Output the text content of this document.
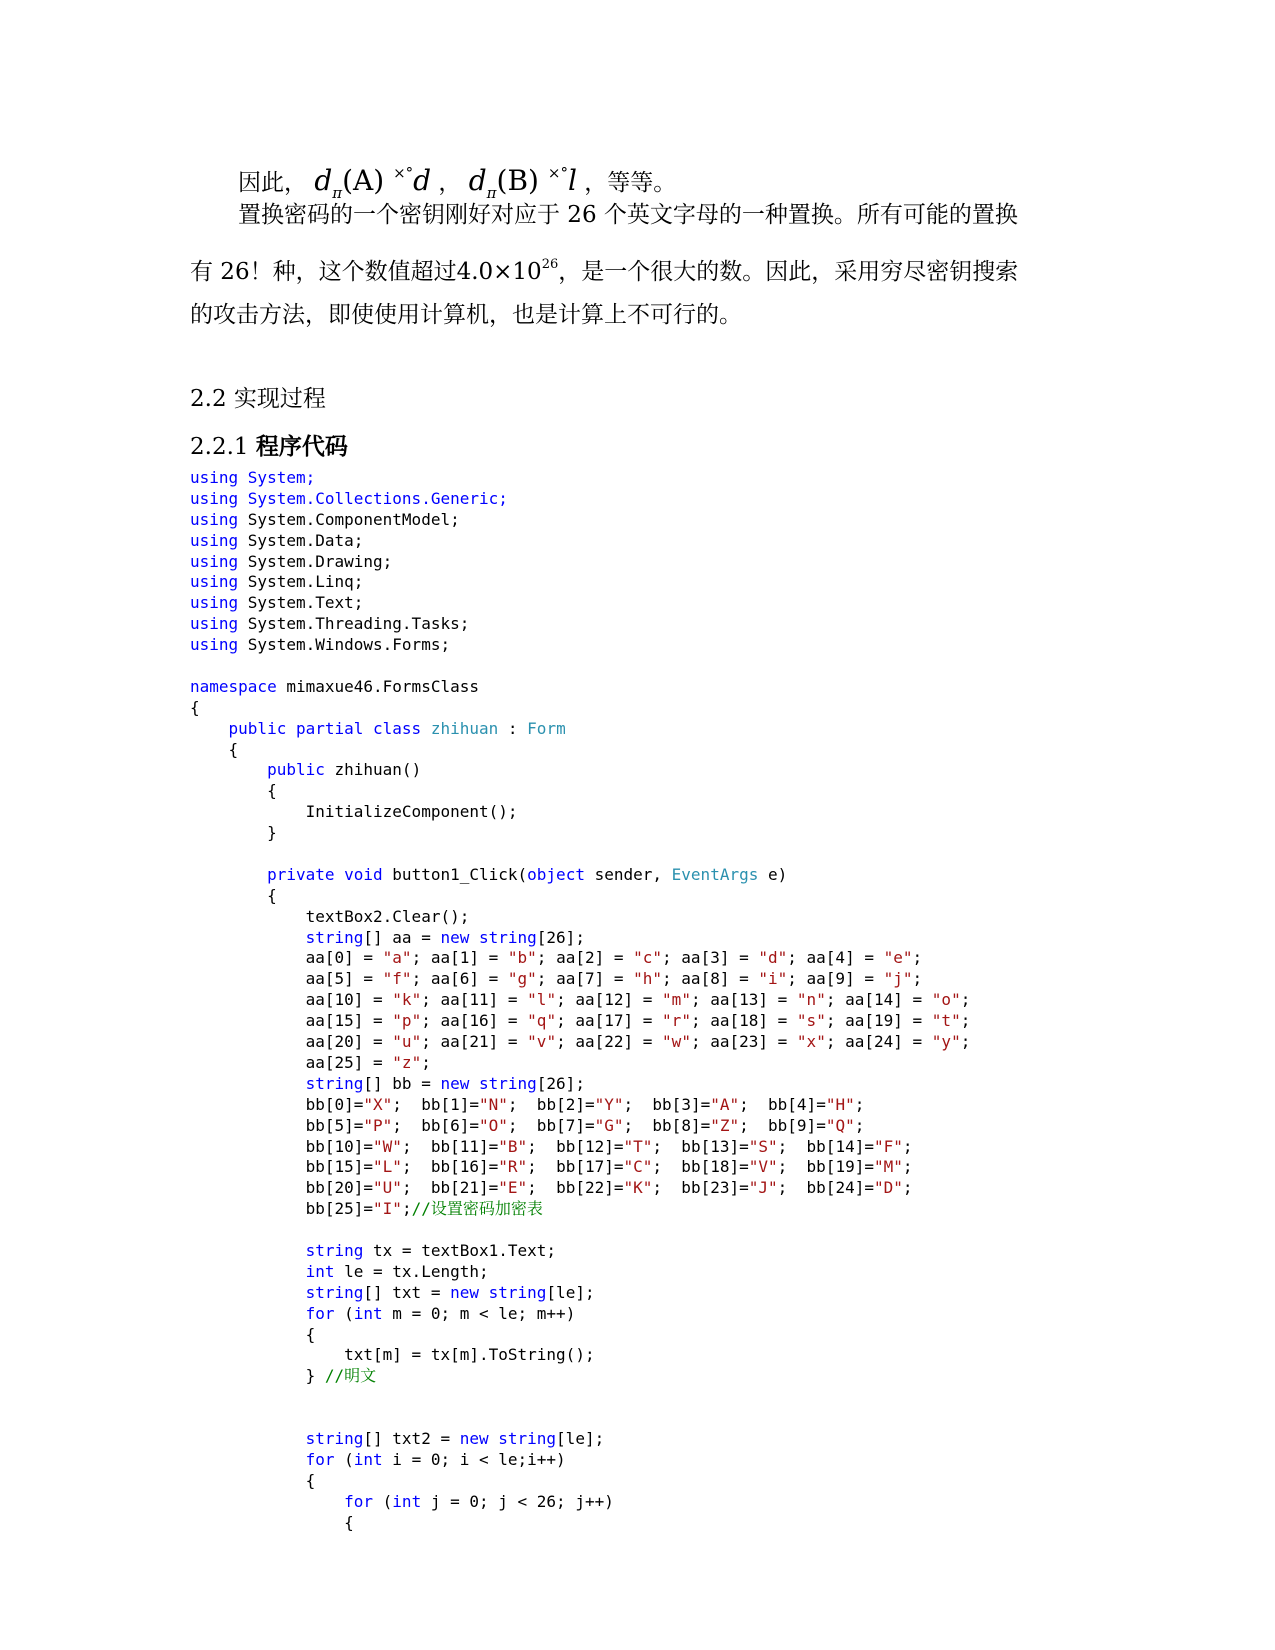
因此， $d_\pi(A)$ ×°d ， $d_\pi(B)$ ×°l ，等等。
置换密码的一个密钥刚好对应于 26 个英文字母的一种置换。所有可能的置换
有 26！种，这个数值超过$4.0\times 10^{26}$，是一个很大的数。因此，采用穷尽密钥搜索
的攻击方法，即使使用计算机，也是计算上不可行的。
2.2 实现过程
2.2.1 程序代码
using System;
using System.Collections.Generic;
using System.ComponentModel;
using System.Data;
using System.Drawing;
using System.Linq;
using System.Text;
using System.Threading.Tasks;
using System.Windows.Forms;
namespace mimaxue46.FormsClass
{
public partial class zhihuan : Form
{
public zhihuan()
{
InitializeComponent();
}
private void button1_Click(object sender, EventArgs e)
{
textBox2.Clear();
string[] aa = new string[26];
aa[0] = "a"; aa[1] = "b"; aa[2] = "c"; aa[3] = "d"; aa[4] = "e";
aa[5] = "f"; aa[6] = "g"; aa[7] = "h"; aa[8] = "i"; aa[9] = "j";
aa[10] = "k"; aa[11] = "l"; aa[12] = "m"; aa[13] = "n"; aa[14] = "o";
aa[15] = "p"; aa[16] = "q"; aa[17] = "r"; aa[18] = "s"; aa[19] = "t";
aa[20] = "u"; aa[21] = "v"; aa[22] = "w"; aa[23] = "x"; aa[24] = "y";
aa[25] = "z";
string[] bb = new string[26];
bb[0]="X";  bb[1]="N";  bb[2]="Y";  bb[3]="A";  bb[4]="H";
bb[5]="P";  bb[6]="O";  bb[7]="G";  bb[8]="Z";  bb[9]="Q";
bb[10]="W";  bb[11]="B";  bb[12]="T";  bb[13]="S";  bb[14]="F";
bb[15]="L";  bb[16]="R";  bb[17]="C";  bb[18]="V";  bb[19]="M";
bb[20]="U";  bb[21]="E";  bb[22]="K";  bb[23]="J";  bb[24]="D";
bb[25]="I";//设置密码加密表
string tx = textBox1.Text;
int le = tx.Length;
string[] txt = new string[le];
for (int m = 0; m < le; m++)
{
txt[m] = tx[m].ToString();
} //明文
string[] txt2 = new string[le];
for (int i = 0; i < le;i++)
{
for (int j = 0; j < 26; j++)
{
